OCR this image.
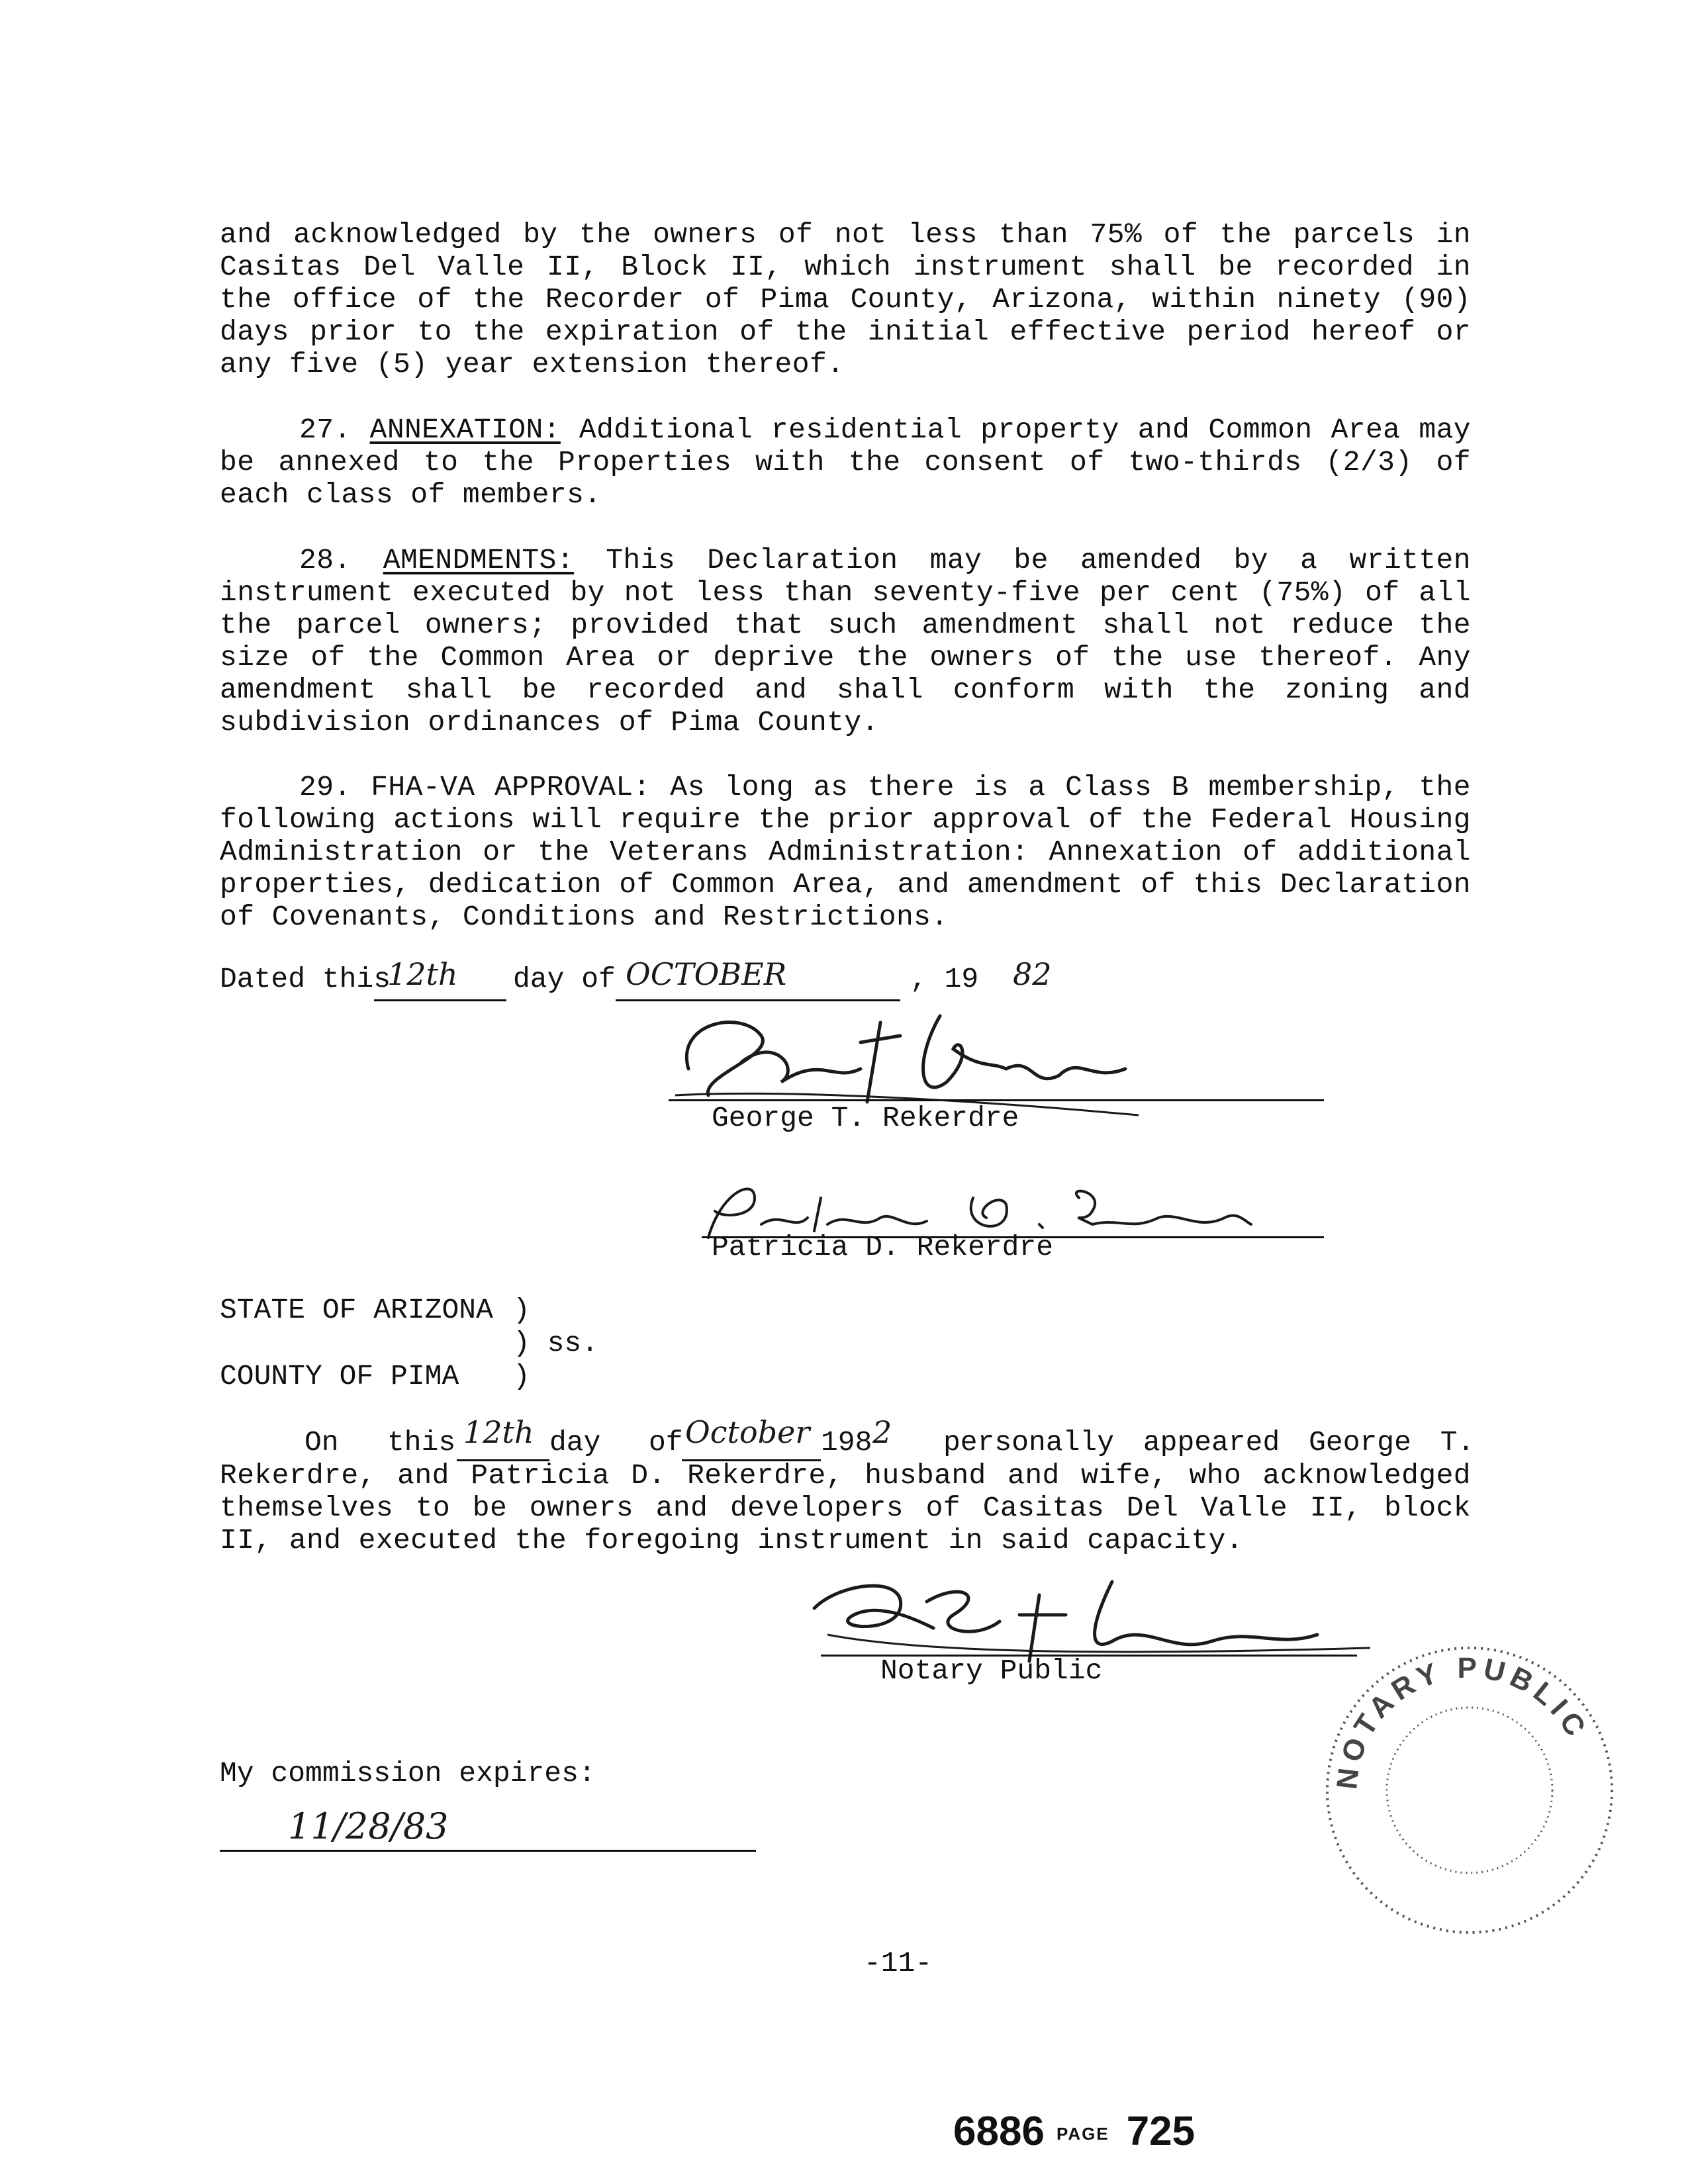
and acknowledged by the owners of not less than 75% of the parcels in Casitas Del Valle II, Block II, which instrument shall be recorded in the office of the Recorder of Pima County, Arizona, within ninety (90) days prior to the expiration of the initial effective period hereof or any five (5) year extension thereof.
27. ANNEXATION: Additional residential property and Common Area may be annexed to the Properties with the consent of two-thirds (2/3) of each class of members.
28. AMENDMENTS: This Declaration may be amended by a written instrument executed by not less than seventy-five per cent (75%) of all the parcel owners; provided that such amendment shall not reduce the size of the Common Area or deprive the owners of the use thereof. Any amendment shall be recorded and shall conform with the zoning and subdivision ordinances of Pima County.
29. FHA-VA APPROVAL: As long as there is a Class B membership, the following actions will require the prior approval of the Federal Housing Administration or the Veterans Administration: Annexation of additional properties, dedication of Common Area, and amendment of this Declaration of Covenants, Conditions and Restrictions.
Dated this
12th day of OCTOBER	, 19 82
George T. Rekerdre
Patricia D. Rekerdre
STATE OF ARIZONA )
) ss.
COUNTY OF PIMA )
On this 12th day of October 198 2 personally appeared George T.
Rekerdre, and Patricia D. Rekerdre, husband and wife, who acknowledged themselves to be owners and developers of Casitas Del Valle II, block II, and executed the foregoing instrument in said capacity.
Notary Public
NOTARY PUBLIC
My commission expires:
11/28/83
-11-
6886 PAGE 725
